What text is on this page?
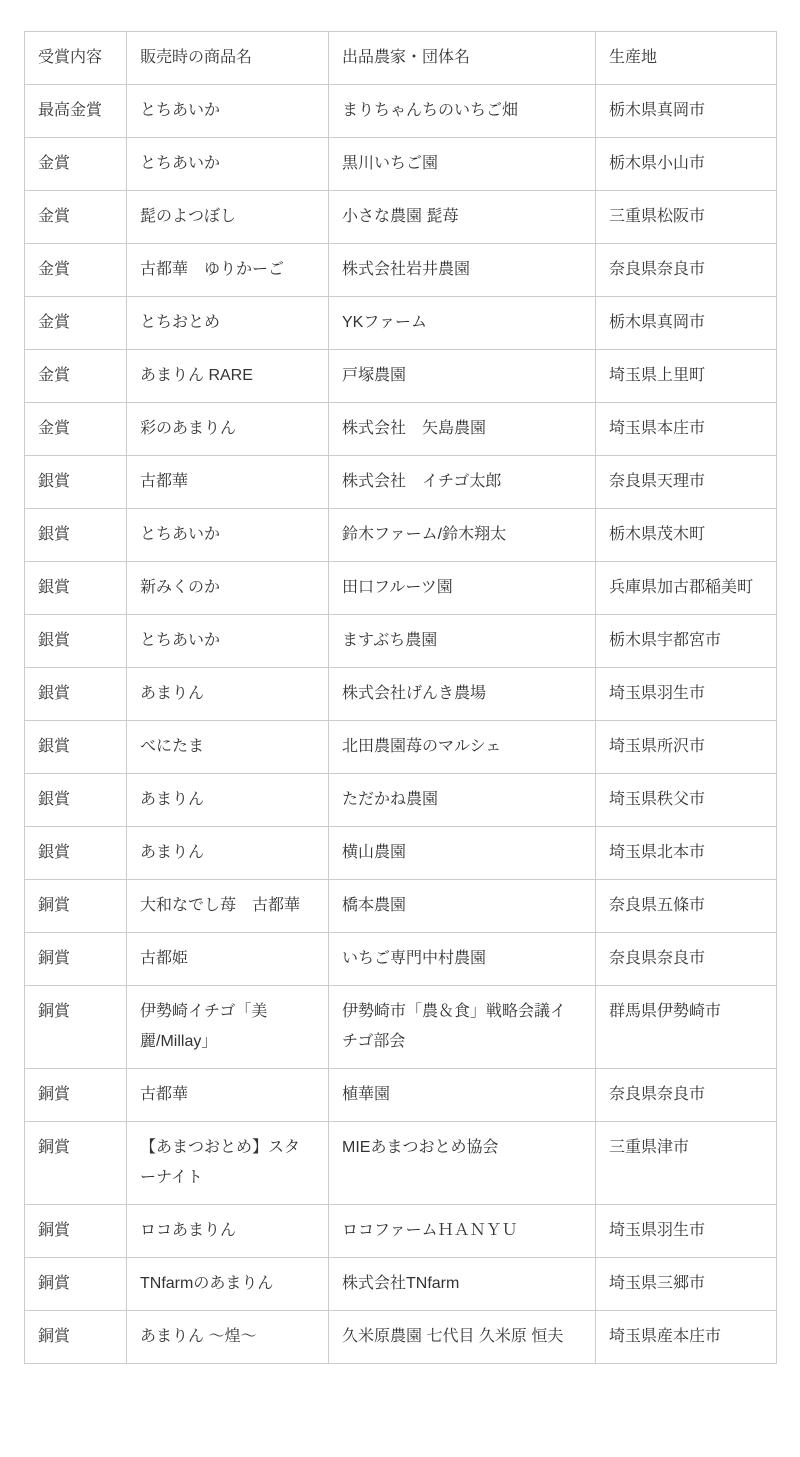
受賞内容	販売時の商品名	出品農家・団体名	生産地
最高金賞	とちあいか	まりちゃんちのいちご畑	栃木県真岡市
金賞	とちあいか	黒川いちご園	栃木県小山市
金賞	髭のよつぼし	小さな農園 髭苺	三重県松阪市
金賞	古都華　ゆりかーご	株式会社岩井農園	奈良県奈良市
金賞	とちおとめ	YKファーム	栃木県真岡市
金賞	あまりん RARE	戸塚農園	埼玉県上里町
金賞	彩のあまりん	株式会社　矢島農園	埼玉県本庄市
銀賞	古都華	株式会社　イチゴ太郎	奈良県天理市
銀賞	とちあいか	鈴木ファーム/鈴木翔太	栃木県茂木町
銀賞	新みくのか	田口フルーツ園	兵庫県加古郡稲美町
銀賞	とちあいか	ますぶち農園	栃木県宇都宮市
銀賞	あまりん	株式会社げんき農場	埼玉県羽生市
銀賞	べにたま	北田農園苺のマルシェ	埼玉県所沢市
銀賞	あまりん	ただかね農園	埼玉県秩父市
銀賞	あまりん	横山農園	埼玉県北本市
銅賞	大和なでし苺　古都華	橋本農園	奈良県五條市
銅賞	古都姫	いちご専門中村農園	奈良県奈良市
銅賞	伊勢崎イチゴ「美麗/Millay」	伊勢崎市「農＆食」戦略会議イチゴ部会	群馬県伊勢崎市
銅賞	古都華	植華園	奈良県奈良市
銅賞	【あまつおとめ】スターナイト	MIEあまつおとめ協会	三重県津市
銅賞	ロコあまりん	ロコファームＨＡＮＹＵ	埼玉県羽生市
銅賞	TNfarmのあまりん	株式会社TNfarm	埼玉県三郷市
銅賞	あまりん ～煌～	久米原農園 七代目 久米原 恒夫	埼玉県産本庄市
